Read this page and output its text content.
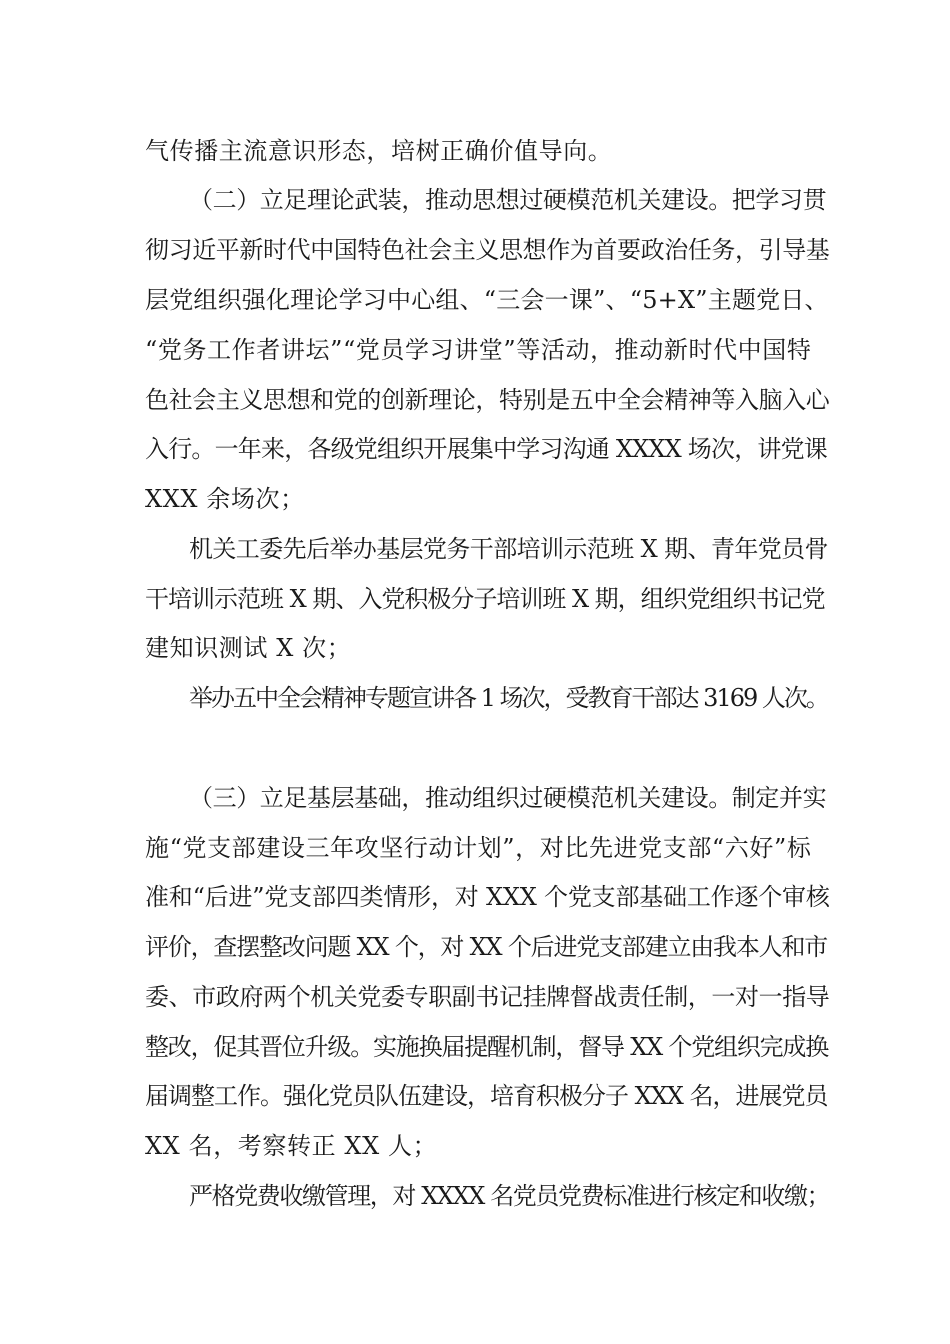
气传播主流意识形态，培树正确价值导向。
（二）立足理论武装，推动思想过硬模范机关建设。把学习贯
彻习近平新时代中国特色社会主义思想作为首要政治任务，引导基
层党组织强化理论学习中心组、“三会一课”、“5+X”主题党日、
“党务工作者讲坛”“党员学习讲堂”等活动，推动新时代中国特
色社会主义思想和党的创新理论，特别是五中全会精神等入脑入心
入行。一年来，各级党组织开展集中学习沟通 XXXX 场次，讲党课
XXX 余场次；
机关工委先后举办基层党务干部培训示范班 X 期、青年党员骨
干培训示范班 X 期、入党积极分子培训班 X 期，组织党组织书记党
建知识测试 X 次；
举办五中全会精神专题宣讲各 1 场次，受教育干部达 3169 人次。
（三）立足基层基础，推动组织过硬模范机关建设。制定并实
施“党支部建设三年攻坚行动计划”，对比先进党支部“六好”标
准和“后进”党支部四类情形，对 XXX 个党支部基础工作逐个审核
评价，查摆整改问题 XX 个，对 XX 个后进党支部建立由我本人和市
委、市政府两个机关党委专职副书记挂牌督战责任制，一对一指导
整改，促其晋位升级。实施换届提醒机制，督导 XX 个党组织完成换
届调整工作。强化党员队伍建设，培育积极分子 XXX 名，进展党员
XX 名，考察转正 XX 人；
严格党费收缴管理，对 XXXX 名党员党费标准进行核定和收缴；
